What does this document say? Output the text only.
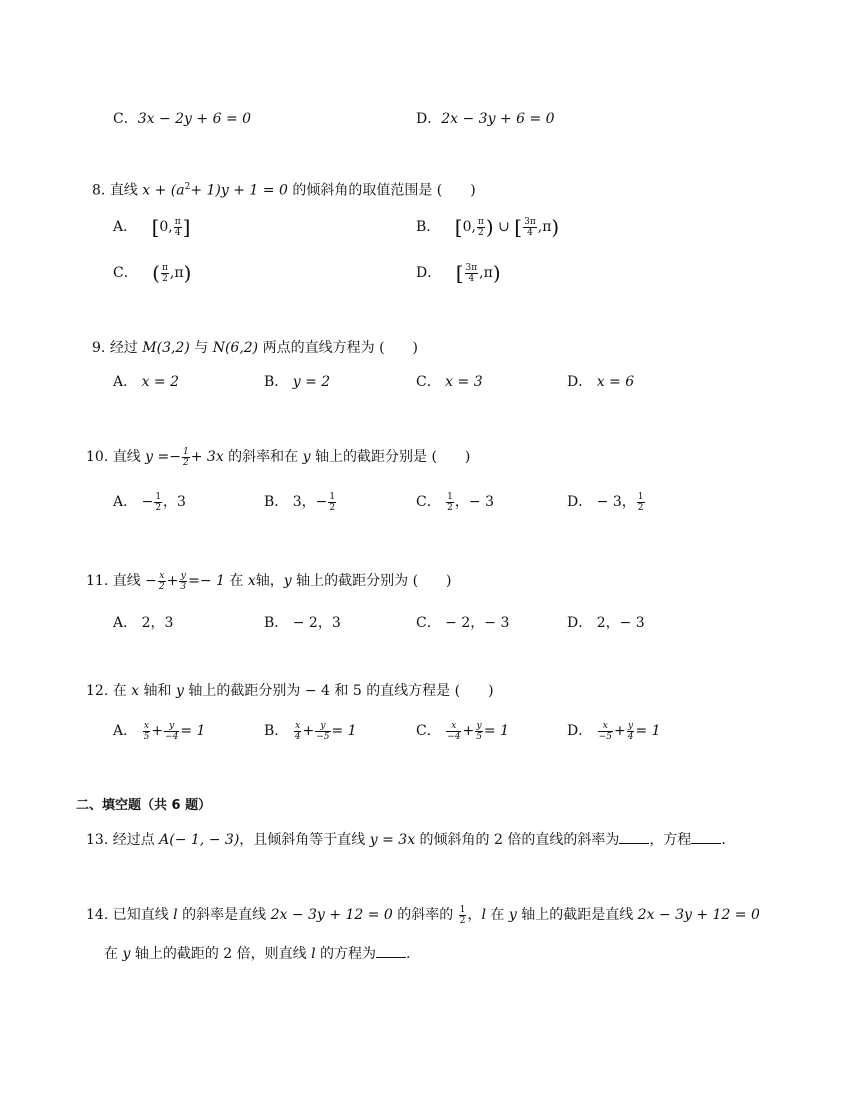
C．3x − 2y + 6 = 0	D．2x − 3y + 6 = 0
8. 直线 $x + (a^2+ 1)y + 1 = 0$ 的倾斜角的取值范围是 (　　)
A． [0, $\frac{\pi}{4}$ ]	B． [0, $\frac{\pi}{2}$ ) ∪ [ $\frac{3\pi}{4} ,\pi$)
C． ( $\frac{\pi}{2} ,\pi$)	D． [ $\frac{3\pi}{4} ,\pi$)
9. 经过 M(3,2) 与 N(6,2) 两点的直线方程为 (　　)
A． x = 2	B． y = 2	C． x = 3	D． x = 6
10. 直线 $y =- \frac{1}{2} + 3x$ 的斜率和在 y 轴上的截距分别是 (　　)
A． − $\frac{1}{2}$ ，3	B． 3，− $\frac{1}{2}$	C． $\frac{1}{2}$ ，− 3	D． − 3， $\frac{1}{2}$
11. 直线 − $\frac{x}{2} + \frac{y}{3} =- 1$ 在 x轴，y 轴上的截距分别为 (　　)
A． 2，3	B． − 2，3	C． − 2，− 3	D． 2，− 3
12. 在 x 轴和 y 轴上的截距分别为 − 4 和 5 的直线方程是 (　　)
A． $\frac{x}{5} + \frac{y}{-4} = 1$	B． $\frac{x}{4} + \frac{y}{-5} = 1$	C． $\frac{x}{-4} + \frac{y}{5} = 1$	D． $\frac{x}{-5} + \frac{y}{4} = 1$
二、填空题（共 6 题）
13. 经过点 A(− 1, − 3)，且倾斜角等于直线 y = 3x 的倾斜角的 2 倍的直线的斜率为 ，方程 .
14. 已知直线 l 的斜率是直线 2x − 3y + 12 = 0 的斜率的 $\frac{1}{2}$ ，l 在 y 轴上的截距是直线 2x − 3y + 12 = 0
在 y 轴上的截距的 2 倍，则直线 l 的方程为 .
